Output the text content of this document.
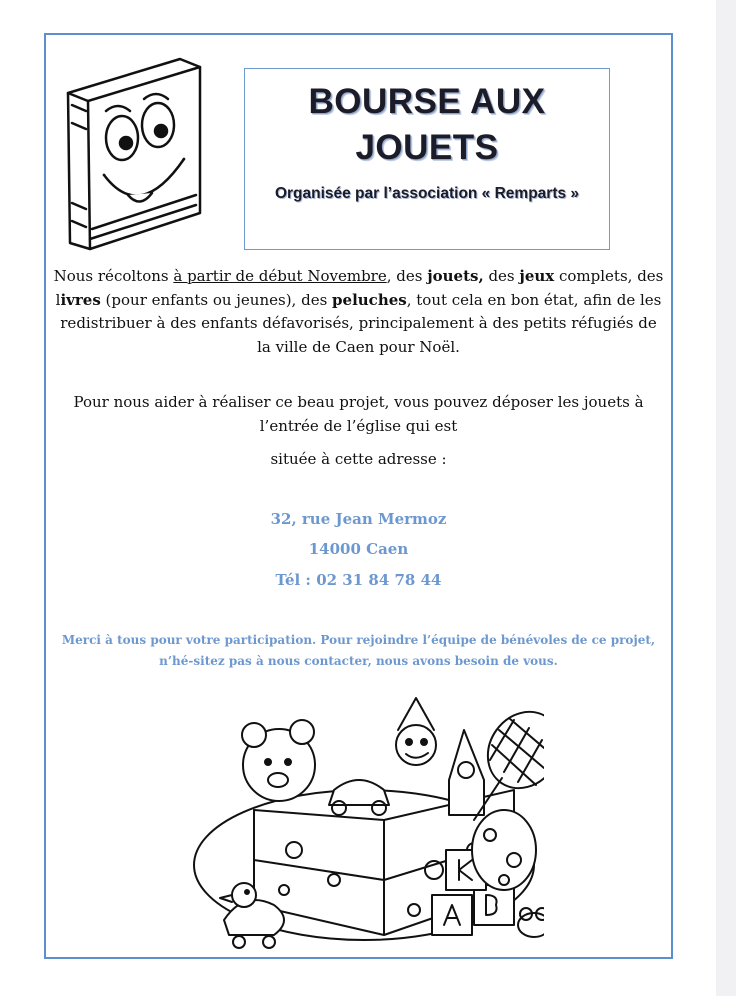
BOURSE AUX
JOUETS
Organisée par l’association « Remparts »
Nous récoltons à partir de début Novembre, des jouets, des jeux complets, des livres (pour enfants ou jeunes), des peluches, tout cela en bon état, afin de les redistribuer à des enfants défavorisés, principalement à des petits réfugiés de la ville de Caen pour Noël.
Pour nous aider à réaliser ce beau projet, vous pouvez déposer les jouets à l’entrée de l’église qui est
située à cette adresse :
32, rue Jean Mermoz
14000 Caen
Tél : 02 31 84 78 44
Merci à tous pour votre participation. Pour rejoindre l’équipe de bénévoles de ce projet, n’hé-sitez pas à nous contacter, nous avons besoin de vous.
